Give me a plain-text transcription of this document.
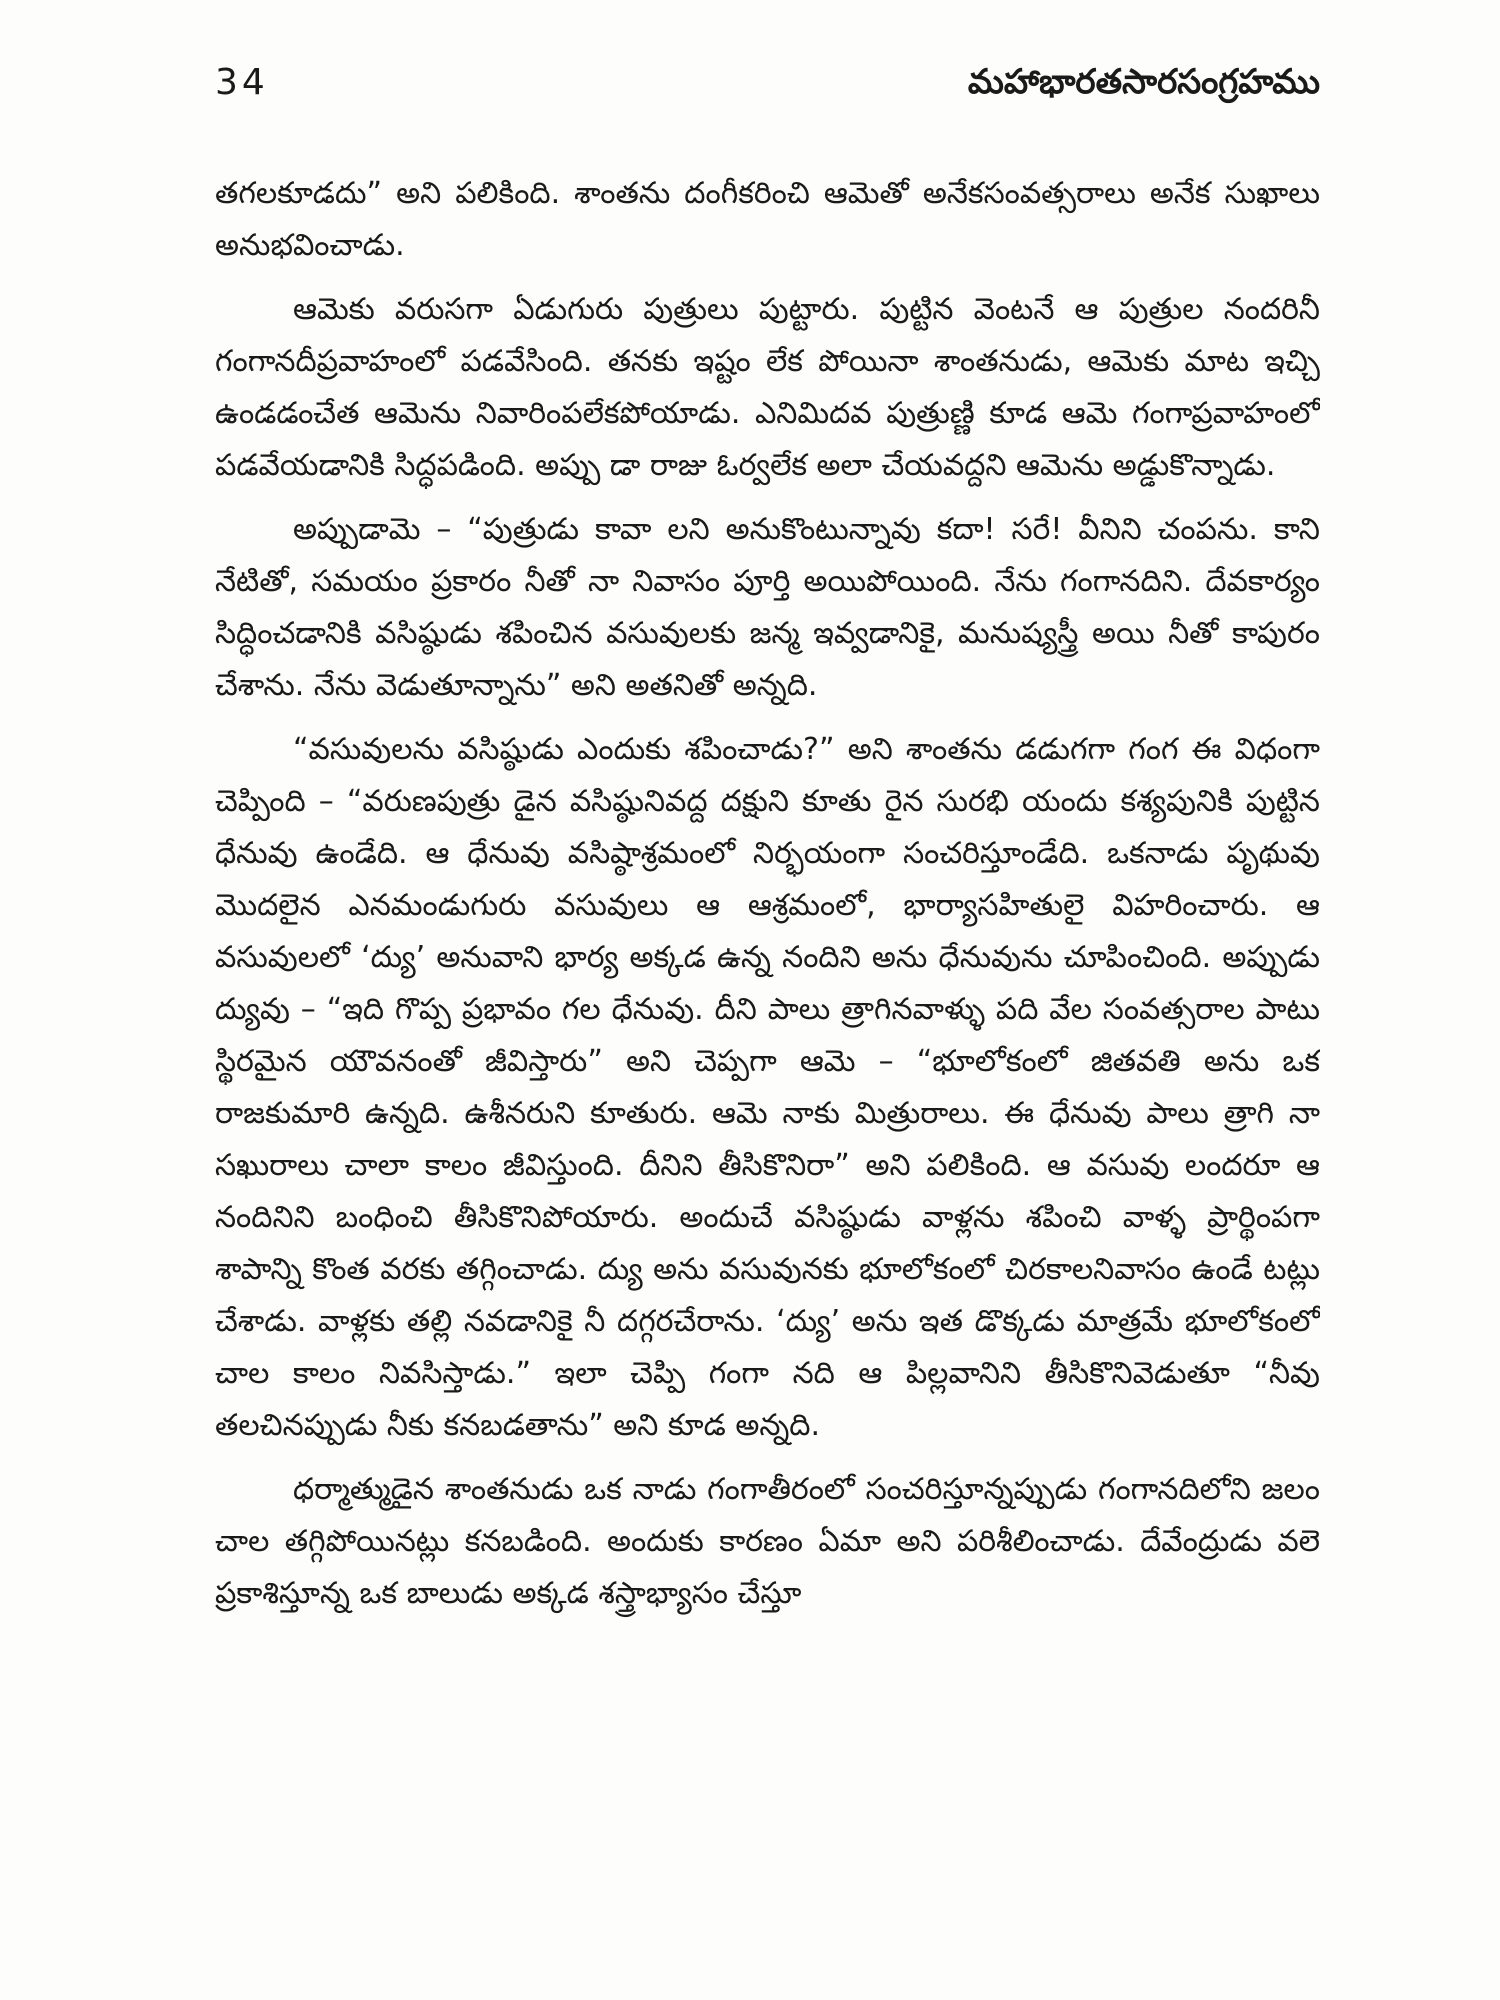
34	మహాభారతసారసంగ్రహము

తగలకూడదు” అని పలికింది. శాంతను దంగీకరించి ఆమెతో అనేకసంవత్సరాలు అనేక సుఖాలు అనుభవించాడు.

ఆమెకు వరుసగా ఏడుగురు పుత్రులు పుట్టారు. పుట్టిన వెంటనే ఆ పుత్రుల నందరినీ గంగానదీప్రవాహంలో పడవేసింది. తనకు ఇష్టం లేక పోయినా శాంతనుడు, ఆమెకు మాట ఇచ్చి ఉండడంచేత ఆమెను నివారింపలేకపోయాడు. ఎనిమిదవ పుత్రుణ్ణి కూడ ఆమె గంగాప్రవాహంలో పడవేయడానికి సిద్ధపడింది. అప్పు డా రాజు ఓర్వలేక అలా చేయవద్దని ఆమెను అడ్డుకొన్నాడు.

అప్పుడామె – “పుత్రుడు కావా లని అనుకొంటున్నావు కదా! సరే! వీనిని చంపను. కాని నేటితో, సమయం ప్రకారం నీతో నా నివాసం పూర్తి అయిపోయింది. నేను గంగానదిని. దేవకార్యం సిద్ధించడానికి వసిష్ఠుడు శపించిన వసువులకు జన్మ ఇవ్వడానికై, మనుష్యస్త్రీ అయి నీతో కాపురం చేశాను. నేను వెడుతూన్నాను” అని అతనితో అన్నది.

“వసువులను వసిష్ఠుడు ఎందుకు శపించాడు?” అని శాంతను డడుగగా గంగ ఈ విధంగా చెప్పింది – “వరుణపుత్రు డైన వసిష్ఠునివద్ద దక్షుని కూతు రైన సురభి యందు కశ్యపునికి పుట్టిన ధేనువు ఉండేది. ఆ ధేనువు వసిష్ఠాశ్రమంలో నిర్భయంగా సంచరిస్తూండేది. ఒకనాడు పృథువు మొదలైన ఎనమండుగురు వసువులు ఆ ఆశ్రమంలో, భార్యాసహితులై విహరించారు. ఆ వసువులలో ‘ద్యు’ అనువాని భార్య అక్కడ ఉన్న నందిని అను ధేనువును చూపించింది. అప్పుడు ద్యువు – “ఇది గొప్ప ప్రభావం గల ధేనువు. దీని పాలు త్రాగినవాళ్ళు పది వేల సంవత్సరాల పాటు స్థిరమైన యౌవనంతో జీవిస్తారు” అని చెప్పగా ఆమె – “భూలోకంలో జితవతి అను ఒక రాజకుమారి ఉన్నది. ఉశీనరుని కూతురు. ఆమె నాకు మిత్రురాలు. ఈ ధేనువు పాలు త్రాగి నా సఖురాలు చాలా కాలం జీవిస్తుంది. దీనిని తీసికొనిరా” అని పలికింది. ఆ వసువు లందరూ ఆ నందినిని బంధించి తీసికొనిపోయారు. అందుచే వసిష్ఠుడు వాళ్లను శపించి వాళ్ళ ప్రార్థింపగా శాపాన్ని కొంత వరకు తగ్గించాడు. ద్యు అను వసువునకు భూలోకంలో చిరకాలనివాసం ఉండే టట్లు చేశాడు. వాళ్లకు తల్లి నవడానికై నీ దగ్గరచేరాను. ‘ద్యు’ అను ఇత డొక్కడు మాత్రమే భూలోకంలో చాల కాలం నివసిస్తాడు.” ఇలా చెప్పి గంగా నది ఆ పిల్లవానిని తీసికొనివెడుతూ “నీవు తలచినప్పుడు నీకు కనబడతాను” అని కూడ అన్నది.

ధర్మాత్ముడైన శాంతనుడు ఒక నాడు గంగాతీరంలో సంచరిస్తూన్నప్పుడు గంగానదిలోని జలం చాల తగ్గిపోయినట్లు కనబడింది. అందుకు కారణం ఏమా అని పరిశీలించాడు. దేవేంద్రుడు వలె ప్రకాశిస్తూన్న ఒక బాలుడు అక్కడ శస్త్రాభ్యాసం చేస్తూ
